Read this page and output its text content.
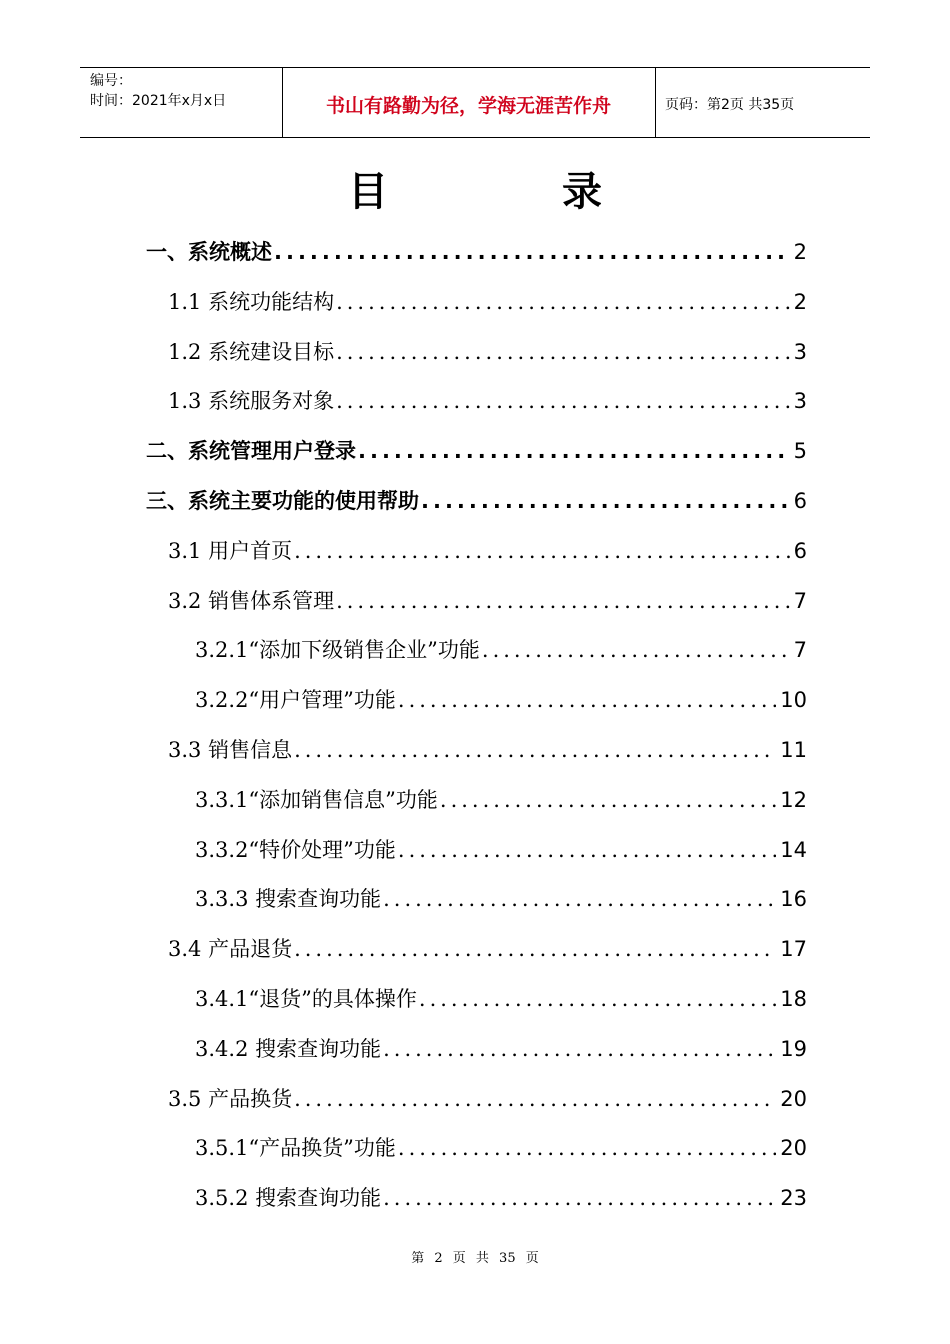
编号：
时间：2021年x月x日	书山有路勤为径，学海无涯苦作舟	页码：第2页 共35页
目 录
一、系统概述 .....	2
1.1 系统功能结构 .....	2
1.2 系统建设目标 .....	3
1.3 系统服务对象 .....	3
二、系统管理用户登录 .....	5
三、系统主要功能的使用帮助 .....	6
3.1 用户首页 .....	6
3.2 销售体系管理 .....	7
3.2.1“添加下级销售企业”功能 .....	7
3.2.2“用户管理”功能 .....	10
3.3 销售信息 .....	11
3.3.1“添加销售信息”功能 .....	12
3.3.2“特价处理”功能 .....	14
3.3.3 搜索查询功能 .....	16
3.4 产品退货 .....	17
3.4.1“退货”的具体操作 .....	18
3.4.2 搜索查询功能 .....	19
3.5 产品换货 .....	20
3.5.1“产品换货”功能 .....	20
3.5.2 搜索查询功能 .....	23
第 2 页 共 35 页
